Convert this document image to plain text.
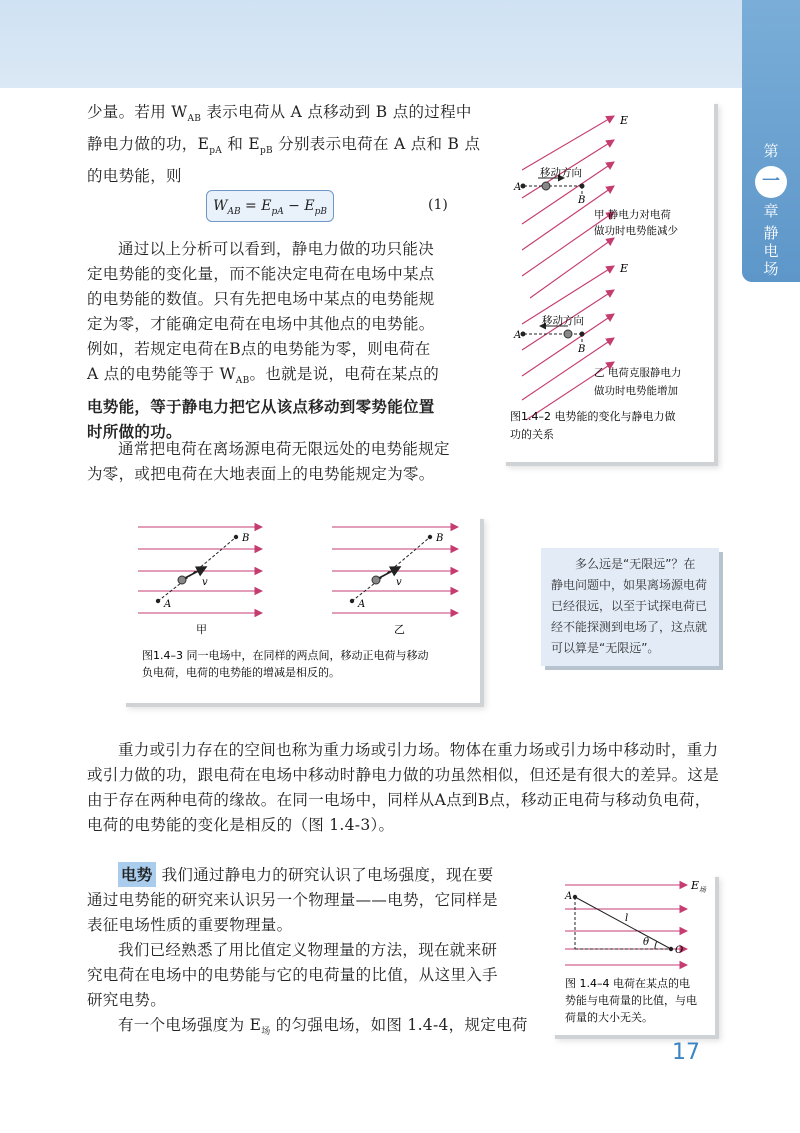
第
一
章
静
电
场

少量。若用 $W_{AB}$ 表示电荷从 A 点移动到 B 点的过程中

静电力做的功，$E_{pA}$ 和 $E_{pB}$ 分别表示电荷在 A 点和 B 点

的电势能，则

$W_{AB} = E_{pA} - E_{pB}$	(1)

通过以上分析可以看到，静电力做的功只能决

定电势能的变化量，而不能决定电荷在电场中某点

的电势能的数值。只有先把电场中某点的电势能规

定为零，才能确定电荷在电场中其他点的电势能。

例如，若规定电荷在B点的电势能为零，则电荷在

A 点的电势能等于 $W_{AB}$。也就是说，电荷在某点的

电势能，等于静电力把它从该点移动到零势能位置

时所做的功。

通常把电荷在离场源电荷无限远处的电势能规定

为零，或把电荷在大地表面上的电势能规定为零。

E
A
B
移动方向
甲 静电力对电荷
做功时电势能减少
E
A
B
移动方向
乙 电荷克服静电力
做功时电势能增加
图1.4–2 电势能的变化与静电力做
功的关系
A
B
v
甲
A
B
v
乙
图1.4–3 同一电场中，在同样的两点间，移动正电荷与移动
负电荷，电荷的电势能的增减是相反的。
多么远是“无限远”？在
静电问题中，如果离场源电荷
已经很远，以至于试探电荷已
经不能探测到电场了，这点就
可以算是“无限远”。

重力或引力存在的空间也称为重力场或引力场。物体在重力场或引力场中移动时，重力

或引力做的功，跟电荷在电场中移动时静电力做的功虽然相似，但还是有很大的差异。这是

由于存在两种电荷的缘故。在同一电场中，同样从A点到B点，移动正电荷与移动负电荷，

电荷的电势能的变化是相反的（图 1.4-3）。

电势 我们通过静电力的研究认识了电场强度，现在要

通过电势能的研究来认识另一个物理量——电势，它同样是

表征电场性质的重要物理量。

我们已经熟悉了用比值定义物理量的方法，现在就来研

究电荷在电场中的电势能与它的电荷量的比值，从这里入手

研究电势。

有一个电场强度为 $E_场$ 的匀强电场，如图 1.4-4，规定电荷

$E_场$
A
O
l
θ
图 1.4–4 电荷在某点的电
势能与电荷量的比值，与电
荷量的大小无关。
17
